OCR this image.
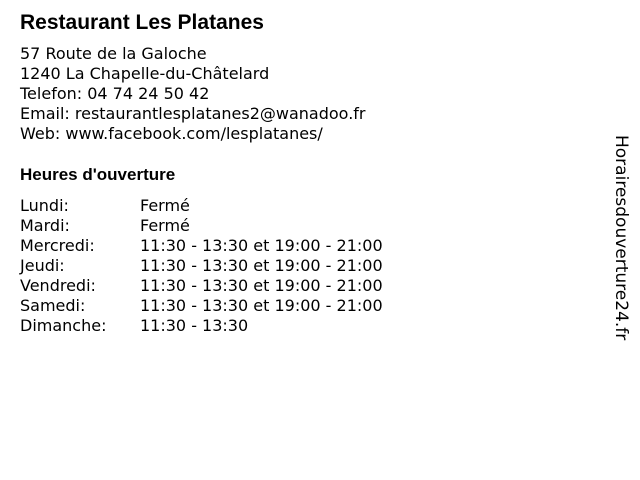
Restaurant Les Platanes
57 Route de la Galoche
1240 La Chapelle-du-Châtelard
Telefon: 04 74 24 50 42
Email: restaurantlesplatanes2@wanadoo.fr
Web: www.facebook.com/lesplatanes/
Heures d'ouverture
Lundi:	Fermé
Mardi:	Fermé
Mercredi:	11:30 - 13:30 et 19:00 - 21:00
Jeudi:	11:30 - 13:30 et 19:00 - 21:00
Vendredi:	11:30 - 13:30 et 19:00 - 21:00
Samedi:	11:30 - 13:30 et 19:00 - 21:00
Dimanche:	11:30 - 13:30	Horairesdouverture24.fr
